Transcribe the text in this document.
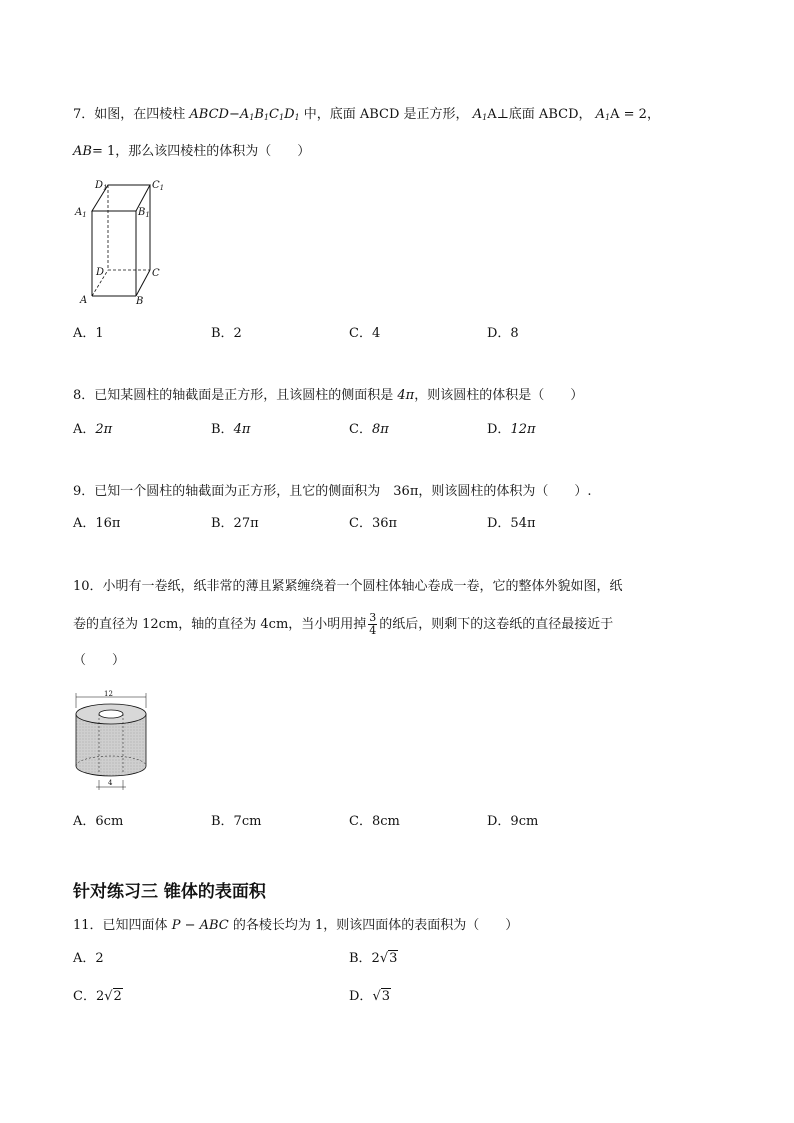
7．如图，在四棱柱 $ABCD-A_1B_1C_1D_1$ 中，底面 ABCD 是正方形， $A_1A\perp$底面 ABCD， $A_1A = 2$，
AB= 1，那么该四棱柱的体积为（　　）
$D_1$	$C_1$
$A_1$	$B_1$
D	C
A	B
A．1	B．2	C．4	D．8
8．已知某圆柱的轴截面是正方形，且该圆柱的侧面积是 4π，则该圆柱的体积是（　　）
A．2π	B．4π	C．8π	D．12π
9．已知一个圆柱的轴截面为正方形，且它的侧面积为　36π，则该圆柱的体积为（　　）.
A．16π	B．27π	C．36π	D．54π
10．小明有一卷纸，纸非常的薄且紧紧缠绕着一个圆柱体轴心卷成一卷，它的整体外貌如图，纸
卷的直径为 12cm，轴的直径为 4cm，当小明用掉 $\frac{3}{4}$ 的纸后，则剩下的这卷纸的直径最接近于
（　　）
12
4
A．6cm	B．7cm	C．8cm	D．9cm
针对练习三 锥体的表面积
11．已知四面体 P − ABC 的各棱长均为 1，则该四面体的表面积为（　　）
A．2	B．2√3
C．2√2	D．√3
